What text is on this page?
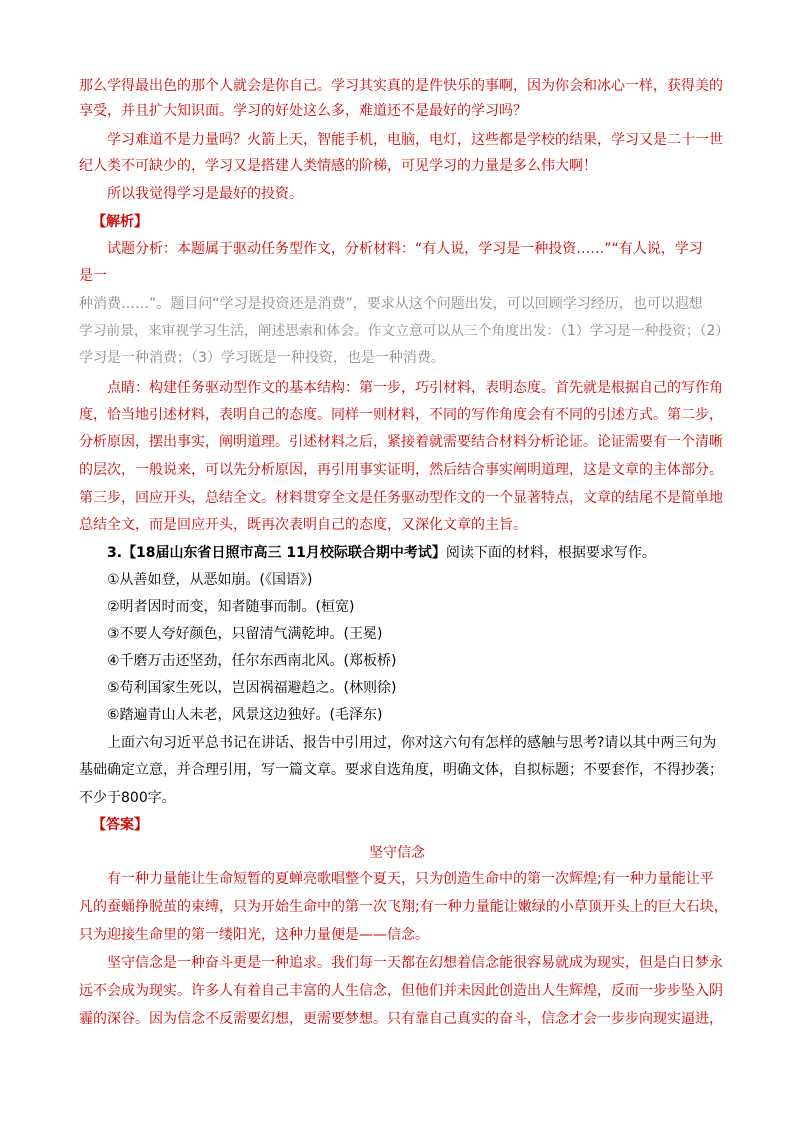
那么学得最出色的那个人就会是你自己。学习其实真的是件快乐的事啊，因为你会和冰心一样，获得美的
享受，并且扩大知识面。学习的好处这么多，难道还不是最好的学习吗？
学习难道不是力量吗？火箭上天，智能手机，电脑，电灯，这些都是学校的结果，学习又是二十一世
纪人类不可缺少的，学习又是搭建人类情感的阶梯，可见学习的力量是多么伟大啊！
所以我觉得学习是最好的投资。
【解析】
试题分析：本题属于驱动任务型作文，分析材料：“有人说，学习是一种投资……”“有人说，学习
是一
种消费……”。题目问“学习是投资还是消费”，要求从这个问题出发，可以回顾学习经历，也可以遐想
学习前景，来审视学习生活，阐述思索和体会。作文立意可以从三个角度出发：（1）学习是一种投资；（2）
学习是一种消费；（3）学习既是一种投资，也是一种消费。
点睛：构建任务驱动型作文的基本结构：第一步，巧引材料，表明态度。首先就是根据自己的写作角
度，恰当地引述材料，表明自己的态度。同样一则材料，不同的写作角度会有不同的引述方式。第二步，
分析原因，摆出事实，阐明道理。引述材料之后，紧接着就需要结合材料分析论证。论证需要有一个清晰
的层次，一般说来，可以先分析原因，再引用事实证明，然后结合事实阐明道理，这是文章的主体部分。
第三步，回应开头，总结全文。材料贯穿全文是任务驱动型作文的一个显著特点，文章的结尾不是简单地
总结全文，而是回应开头，既再次表明自己的态度，又深化文章的主旨。
3.【18届山东省日照市高三 11月校际联合期中考试】阅读下面的材料，根据要求写作。
①从善如登，从恶如崩。(《国语》)
②明者因时而变，知者随事而制。(桓宽)
③不要人夸好颜色，只留清气满乾坤。(王冕)
④千磨万击还坚劲，任尔东西南北风。(郑板桥)
⑤苟利国家生死以，岂因祸福避趋之。(林则徐)
⑥踏遍青山人未老，风景这边独好。(毛泽东)
上面六句习近平总书记在讲话、报告中引用过，你对这六句有怎样的感触与思考?请以其中两三句为
基础确定立意，并合理引用，写一篇文章。要求自选角度，明确文体，自拟标题；不要套作，不得抄袭；
不少于800字。
【答案】
坚守信念
有一种力量能让生命短暂的夏蝉亮歌唱整个夏天，只为创造生命中的第一次辉煌;有一种力量能让平
凡的蚕蛹挣脱茧的束缚，只为开始生命中的第一次飞翔;有一种力量能让嫩绿的小草顶开头上的巨大石块，
只为迎接生命里的第一缕阳光，这种力量便是——信念。
坚守信念是一种奋斗更是一种追求。我们每一天都在幻想着信念能很容易就成为现实，但是白日梦永
远不会成为现实。许多人有着自己丰富的人生信念，但他们并未因此创造出人生辉煌，反而一步步坠入阴
霾的深谷。因为信念不反需要幻想，更需要梦想。只有靠自己真实的奋斗，信念才会一步步向现实逼进，
